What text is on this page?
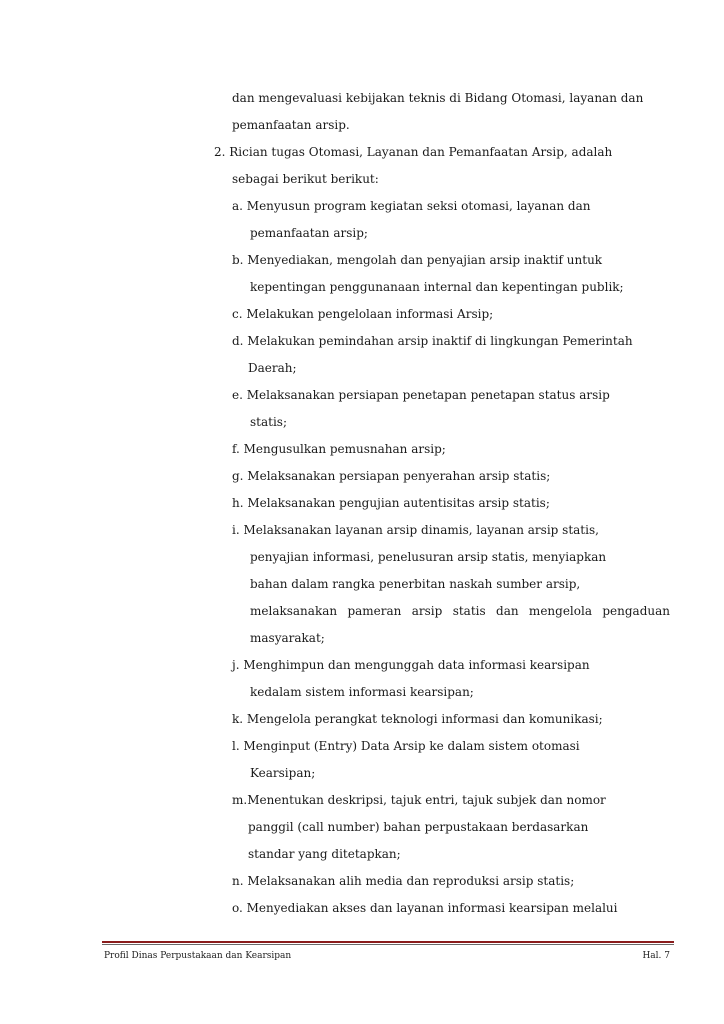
dan mengevaluasi kebijakan teknis di Bidang Otomasi, layanan dan

pemanfaatan arsip.

2. Rician tugas Otomasi, Layanan dan Pemanfaatan Arsip, adalah

sebagai berikut berikut:

a. Menyusun program kegiatan seksi otomasi, layanan dan

pemanfaatan arsip;

b. Menyediakan, mengolah dan penyajian arsip inaktif untuk

kepentingan penggunanaan internal dan kepentingan publik;

c. Melakukan pengelolaan informasi Arsip;

d. Melakukan pemindahan arsip inaktif di lingkungan Pemerintah

Daerah;

e. Melaksanakan persiapan penetapan penetapan status arsip

statis;

f. Mengusulkan pemusnahan arsip;

g. Melaksanakan persiapan penyerahan arsip statis;

h. Melaksanakan pengujian autentisitas arsip statis;

i. Melaksanakan layanan arsip dinamis, layanan arsip statis,

penyajian informasi, penelusuran arsip statis, menyiapkan

bahan dalam rangka penerbitan naskah sumber arsip,

melaksanakan pameran arsip statis dan mengelola pengaduan

masyarakat;

j. Menghimpun dan mengunggah data informasi kearsipan

kedalam sistem informasi kearsipan;

k. Mengelola perangkat teknologi informasi dan komunikasi;

l. Menginput (Entry) Data Arsip ke dalam sistem otomasi

Kearsipan;

m.Menentukan deskripsi, tajuk entri, tajuk subjek dan nomor

panggil (call number) bahan perpustakaan berdasarkan

standar yang ditetapkan;

n. Melaksanakan alih media dan reproduksi arsip statis;

o. Menyediakan akses dan layanan informasi kearsipan melalui

Profil Dinas Perpustakaan dan Kearsipan	Hal. 7
